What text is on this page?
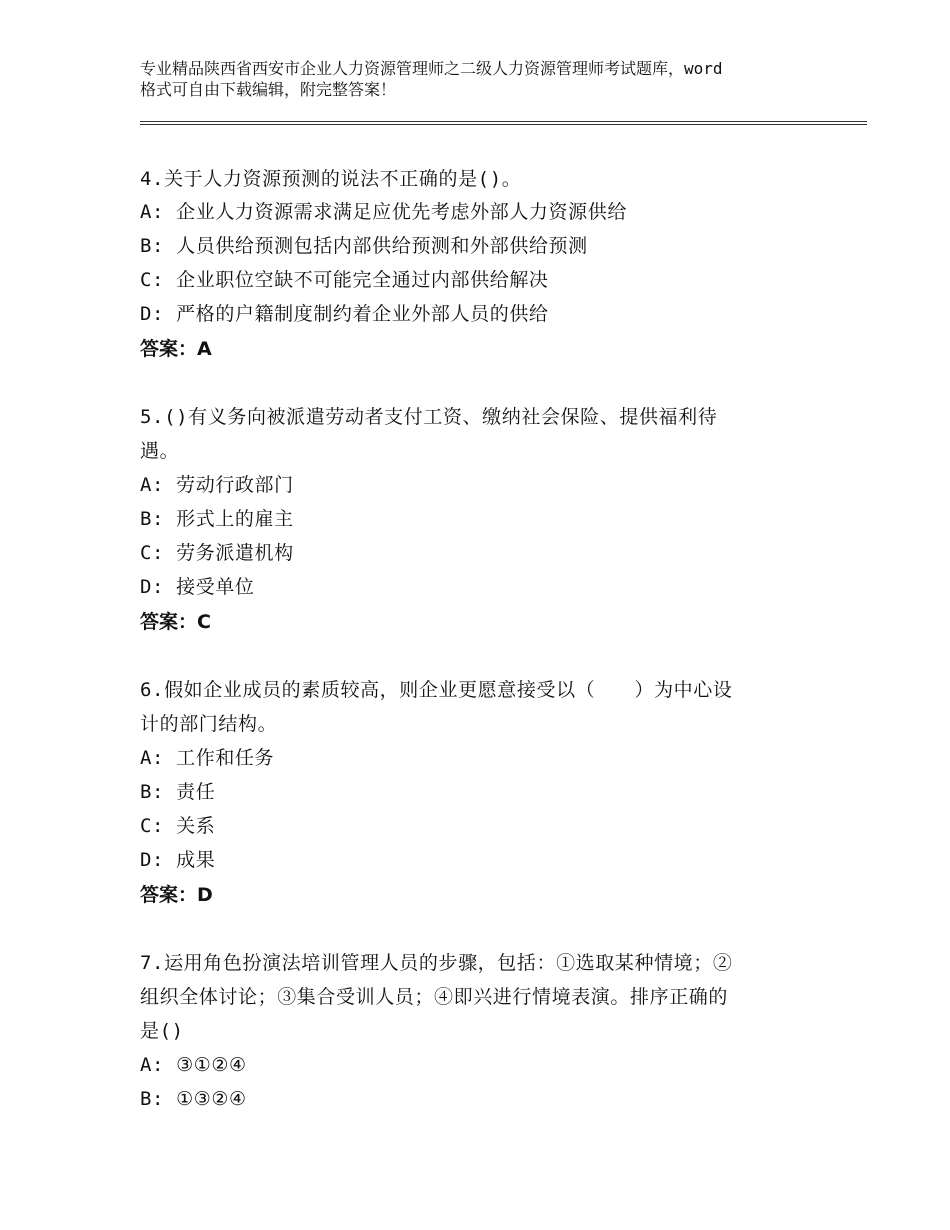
专业精品陕西省西安市企业人力资源管理师之二级人力资源管理师考试题库，word
格式可自由下载编辑，附完整答案！
4.关于人力资源预测的说法不正确的是()。
A: 企业人力资源需求满足应优先考虑外部人力资源供给
B: 人员供给预测包括内部供给预测和外部供给预测
C: 企业职位空缺不可能完全通过内部供给解决
D: 严格的户籍制度制约着企业外部人员的供给
答案：A
5.()有义务向被派遣劳动者支付工资、缴纳社会保险、提供福利待
遇。
A: 劳动行政部门
B: 形式上的雇主
C: 劳务派遣机构
D: 接受单位
答案：C
6.假如企业成员的素质较高，则企业更愿意接受以（　　）为中心设
计的部门结构。
A: 工作和任务
B: 责任
C: 关系
D: 成果
答案：D
7.运用角色扮演法培训管理人员的步骤，包括：①选取某种情境；②
组织全体讨论；③集合受训人员；④即兴进行情境表演。排序正确的
是()
A: ③①②④
B: ①③②④
